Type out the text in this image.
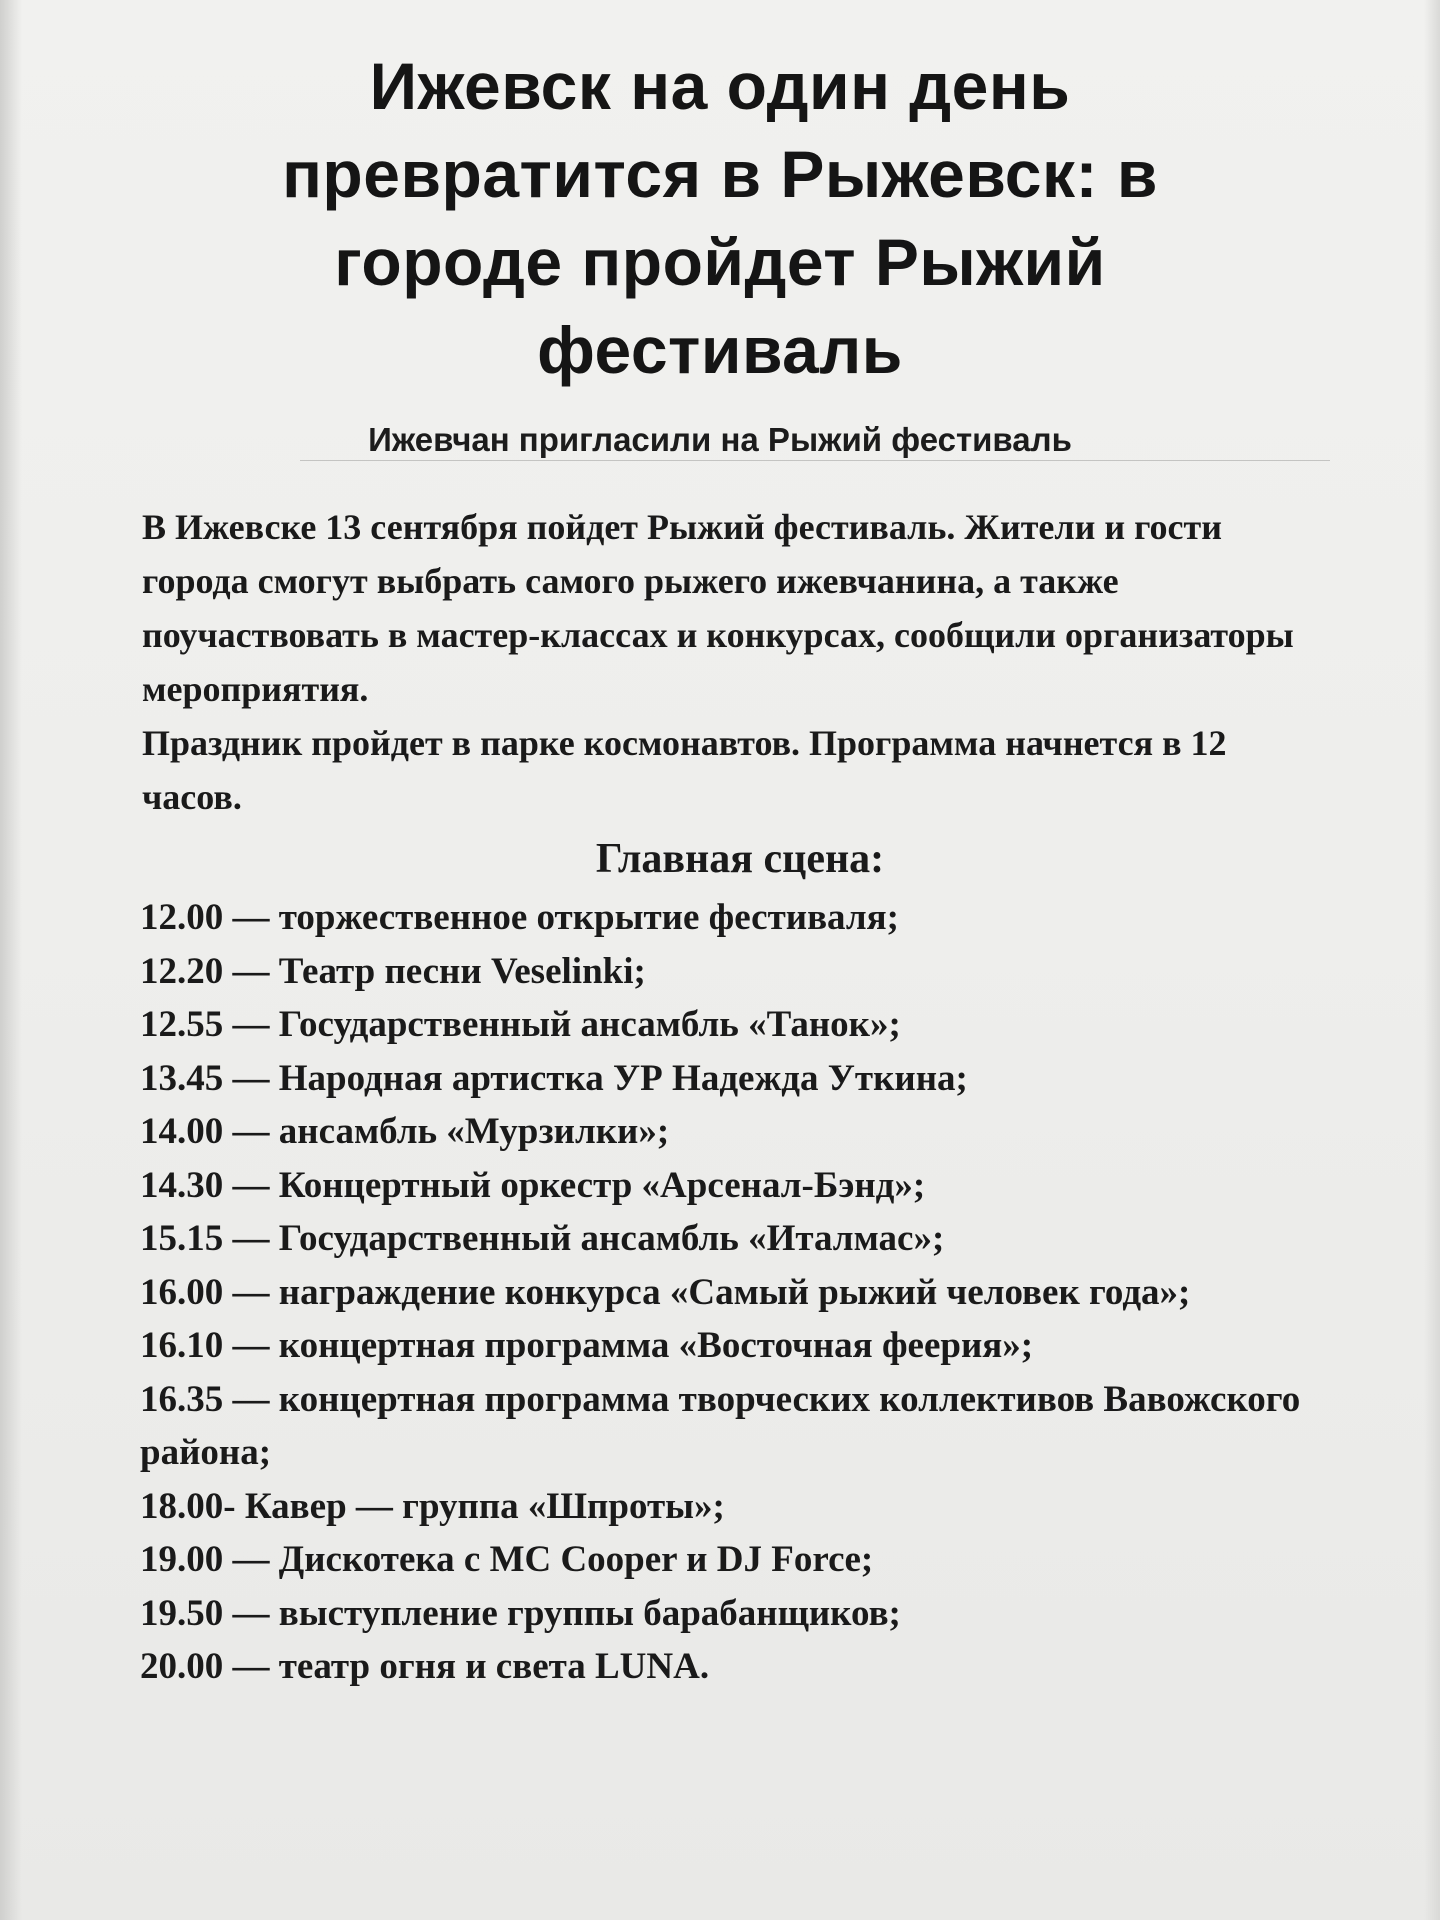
Ижевск на один день превратится в Рыжевск: в городе пройдет Рыжий фестиваль
Ижевчан пригласили на Рыжий фестиваль

В Ижевске 13 сентября пойдет Рыжий фестиваль. Жители и гости города смогут выбрать самого рыжего ижевчанина, а также поучаствовать в мастер-классах и конкурсах, сообщили организаторы мероприятия.

Праздник пройдет в парке космонавтов. Программа начнется в 12 часов.

Главная сцена:
12.00 — торжественное открытие фестиваля;
12.20 — Театр песни Veselinki;
12.55 — Государственный ансамбль «Танок»;
13.45 — Народная артистка УР Надежда Уткина;
14.00 — ансамбль «Мурзилки»;
14.30 — Концертный оркестр «Арсенал-Бэнд»;
15.15 — Государственный ансамбль «Италмас»;
16.00 — награждение конкурса «Самый рыжий человек года»;
16.10 — концертная программа «Восточная феерия»;
16.35 — концертная программа творческих коллективов Вавожского района;
18.00- Кавер — группа «Шпроты»;
19.00 — Дискотека с MC Cooper и DJ Force;
19.50 — выступление группы барабанщиков;
20.00 — театр огня и света LUNA.
